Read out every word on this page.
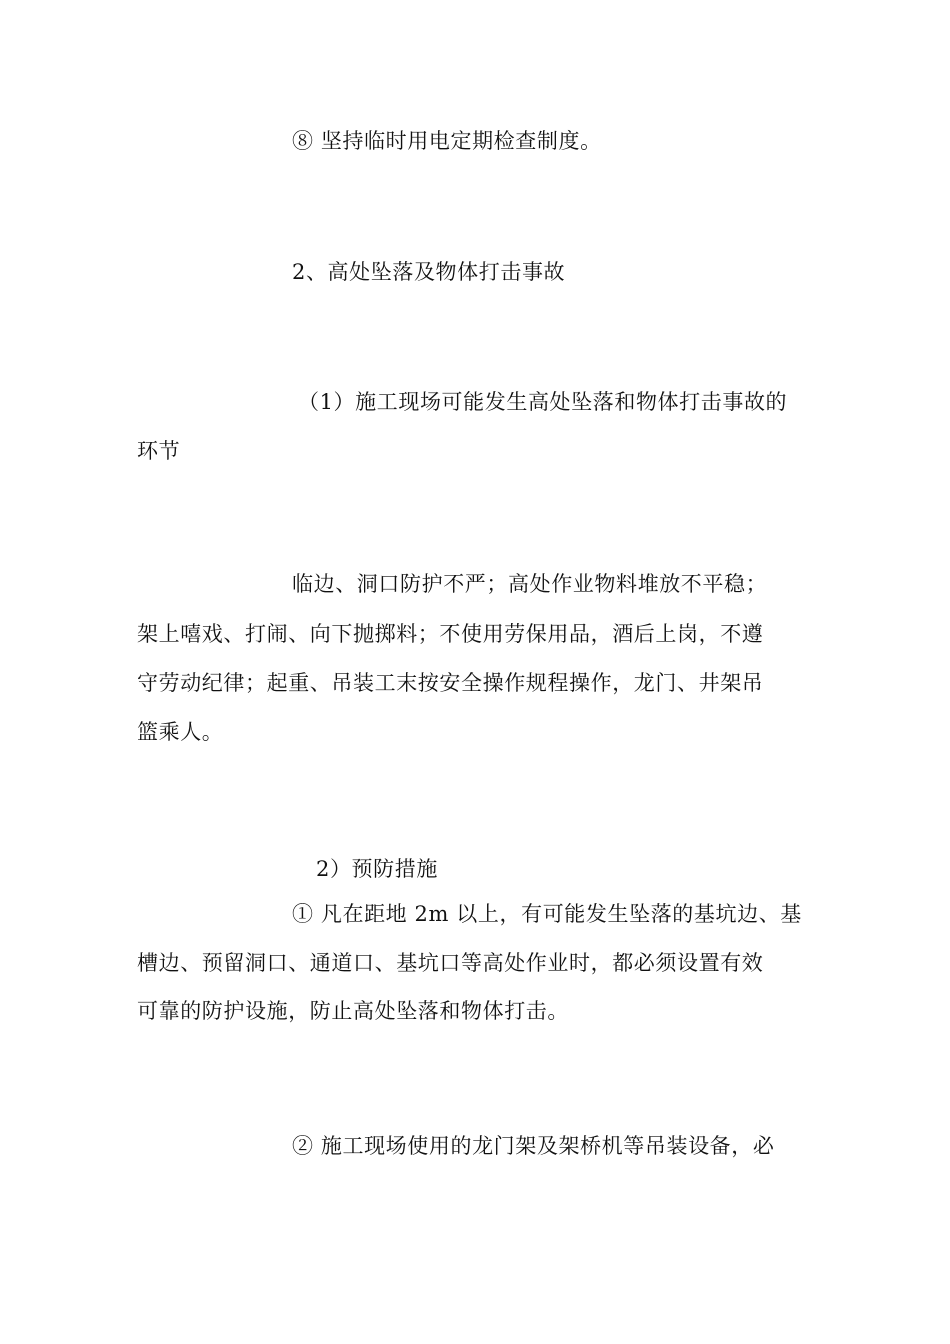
⑧ 坚持临时用电定期检查制度。
2、高处坠落及物体打击事故
（1）施工现场可能发生高处坠落和物体打击事故的
环节
临边、洞口防护不严；高处作业物料堆放不平稳；
架上嘻戏、打闹、向下抛掷料；不使用劳保用品，酒后上岗，不遵
守劳动纪律；起重、吊装工末按安全操作规程操作，龙门、井架吊
篮乘人。
2）预防措施
① 凡在距地 2m 以上，有可能发生坠落的基坑边、基
槽边、预留洞口、通道口、基坑口等高处作业时，都必须设置有效
可靠的防护设施，防止高处坠落和物体打击。
② 施工现场使用的龙门架及架桥机等吊装设备，必
